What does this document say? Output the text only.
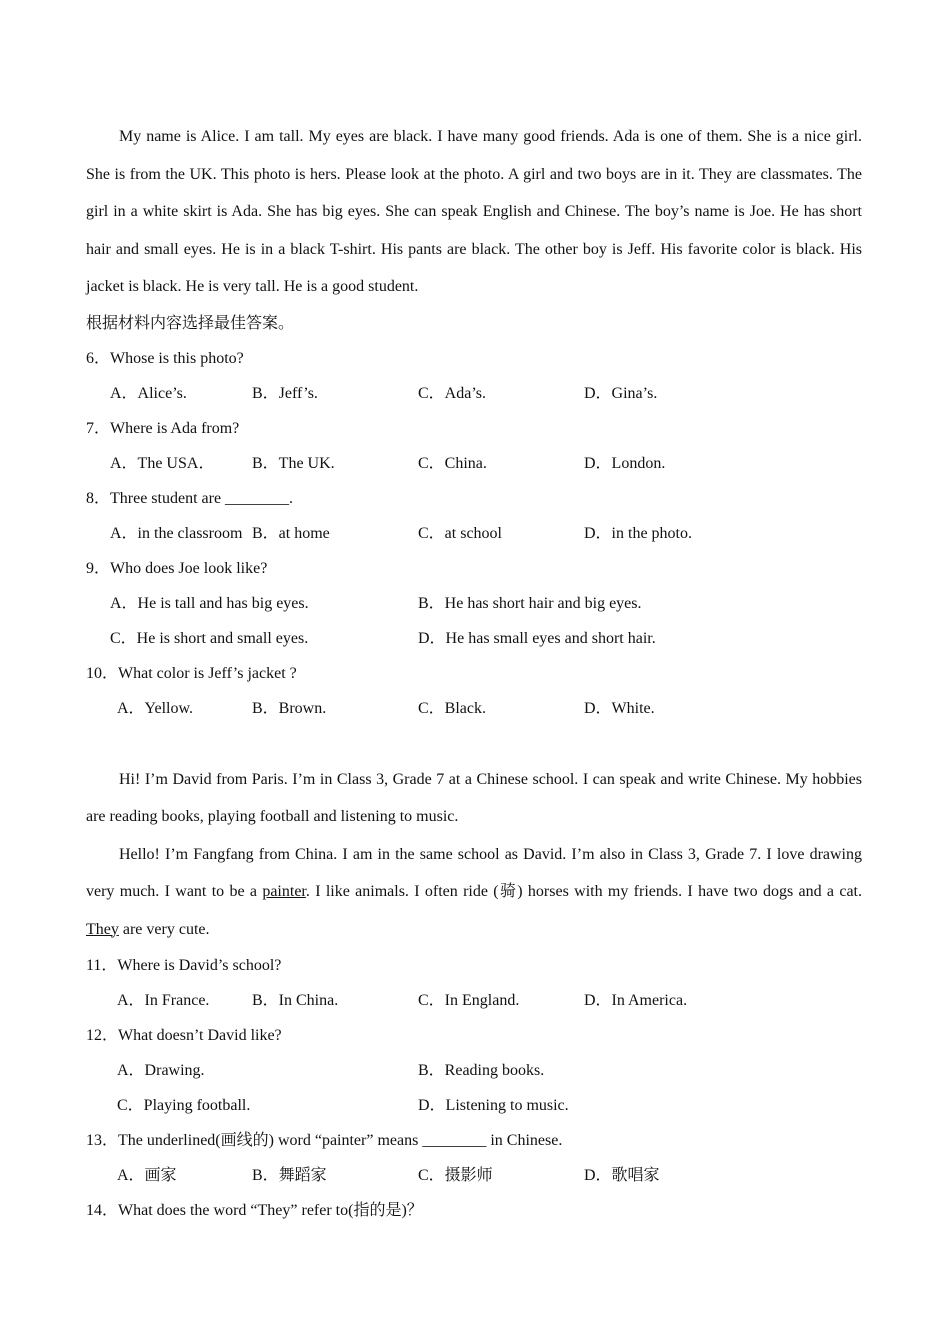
My name is Alice. I am tall. My eyes are black. I have many good friends. Ada is one of them. She is a nice girl. She is from the UK. This photo is hers. Please look at the photo. A girl and two boys are in it. They are classmates. The girl in a white skirt is Ada. She has big eyes. She can speak English and Chinese. The boy’s name is Joe. He has short hair and small eyes. He is in a black T-shirt. His pants are black. The other boy is Jeff. His favorite color is black. His jacket is black. He is very tall. He is a good student.

根据材料内容选择最佳答案。
6．Whose is this photo?
A．Alice’s.	B．Jeff’s.	C．Ada’s.	D．Gina’s.
7．Where is Ada from?
A．The USA． B．The UK.	C．China.	D．London.
8．Three student are ________.
A．in the classroom B．at home	C．at school	D．in the photo.
9．Who does Joe look like?
A．He is tall and has big eyes.	B．He has short hair and big eyes.
C．He is short and small eyes.	D．He has small eyes and short hair.
10．What color is Jeff’s jacket ?
A．Yellow.	B．Brown.	C．Black.	D．White.

Hi! I’m David from Paris. I’m in Class 3, Grade 7 at a Chinese school. I can speak and write Chinese. My hobbies are reading books, playing football and listening to music.

Hello! I’m Fangfang from China. I am in the same school as David. I’m also in Class 3, Grade 7. I love drawing very much. I want to be a painter. I like animals. I often ride (骑) horses with my friends. I have two dogs and a cat. They are very cute.

11．Where is David’s school?
A．In France.	B．In China.	C．In England.	D．In America.
12．What doesn’t David like?
A．Drawing.	B．Reading books.
C．Playing football.	D．Listening to music.
13．The underlined(画线的) word “painter” means ________ in Chinese.
A．画家	B．舞蹈家	C．摄影师	D．歌唱家
14．What does the word “They” refer to(指的是)？
